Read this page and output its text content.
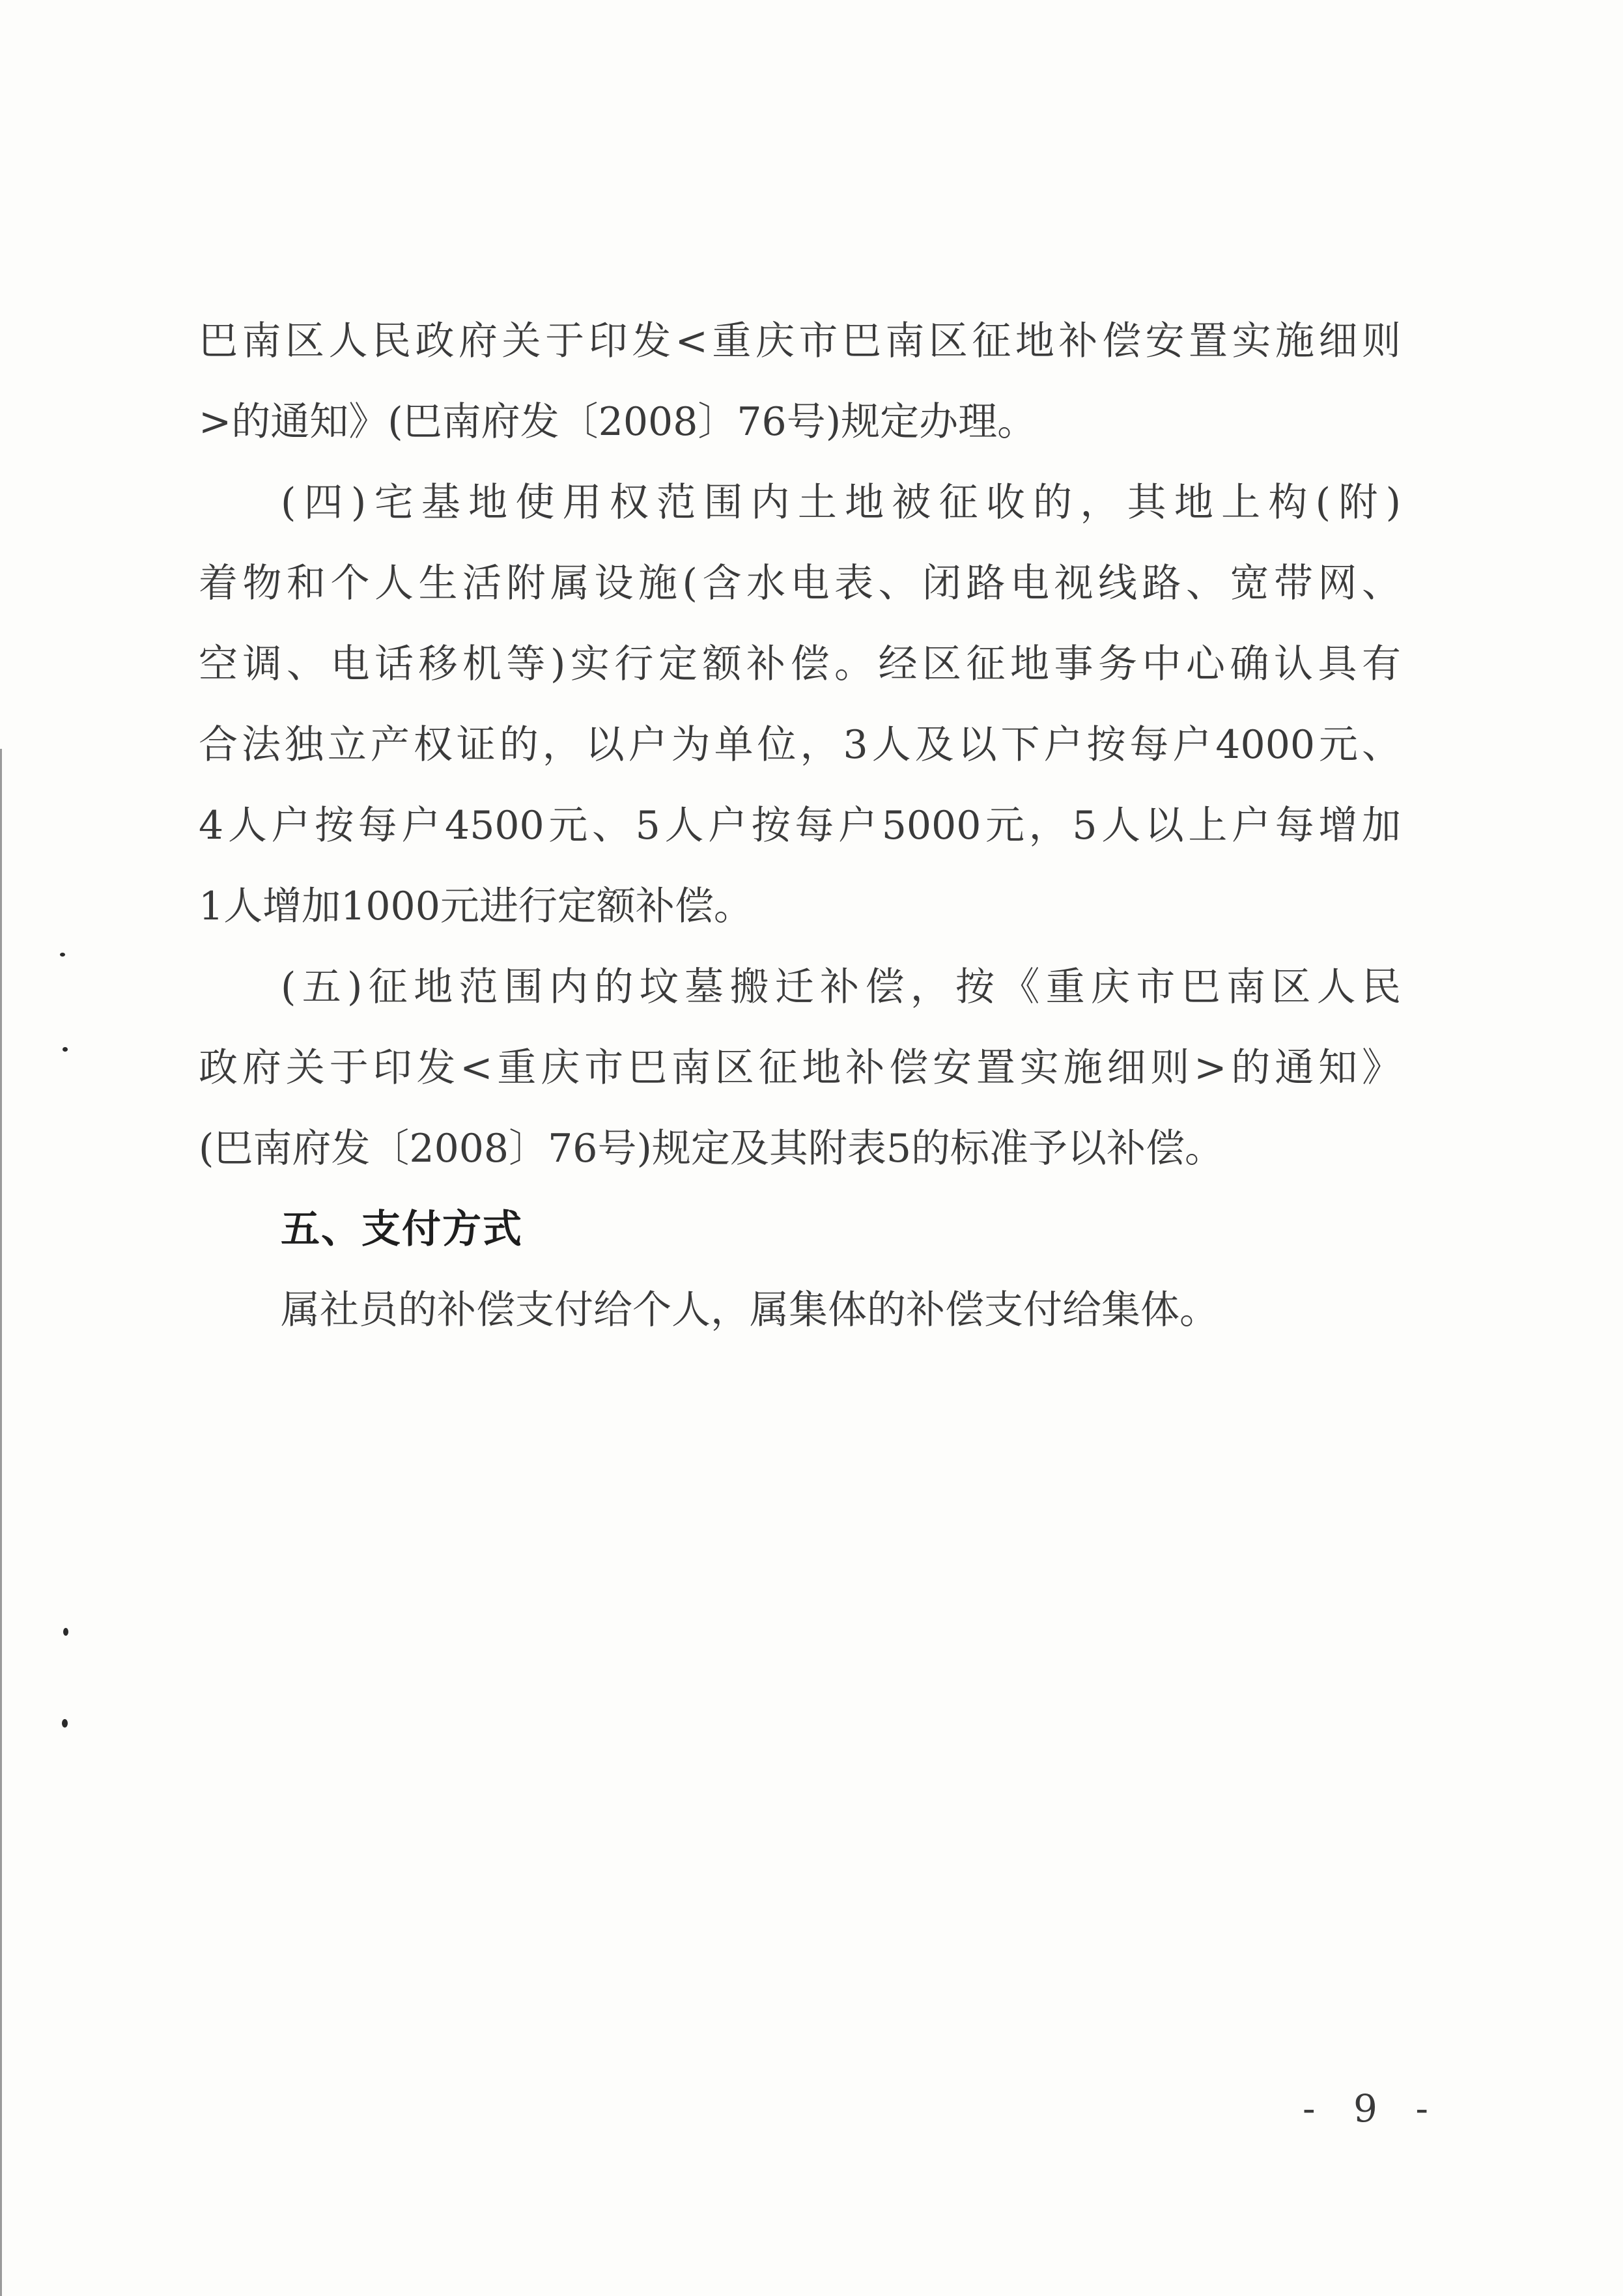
巴南区人民政府关于印发<重庆市巴南区征地补偿安置实施细则
>的通知》(巴南府发〔2008〕76号)规定办理。
(四)宅基地使用权范围内土地被征收的，其地上构(附)
着物和个人生活附属设施(含水电表、闭路电视线路、宽带网、
空调、电话移机等)实行定额补偿。经区征地事务中心确认具有
合法独立产权证的，以户为单位，3人及以下户按每户4000元、
4人户按每户4500元、5人户按每户5000元，5人以上户每增加
1人增加1000元进行定额补偿。
(五)征地范围内的坟墓搬迁补偿，按《重庆市巴南区人民
政府关于印发<重庆市巴南区征地补偿安置实施细则>的通知》
(巴南府发〔2008〕76号)规定及其附表5的标准予以补偿。
五、支付方式
属社员的补偿支付给个人，属集体的补偿支付给集体。
- 9 -
